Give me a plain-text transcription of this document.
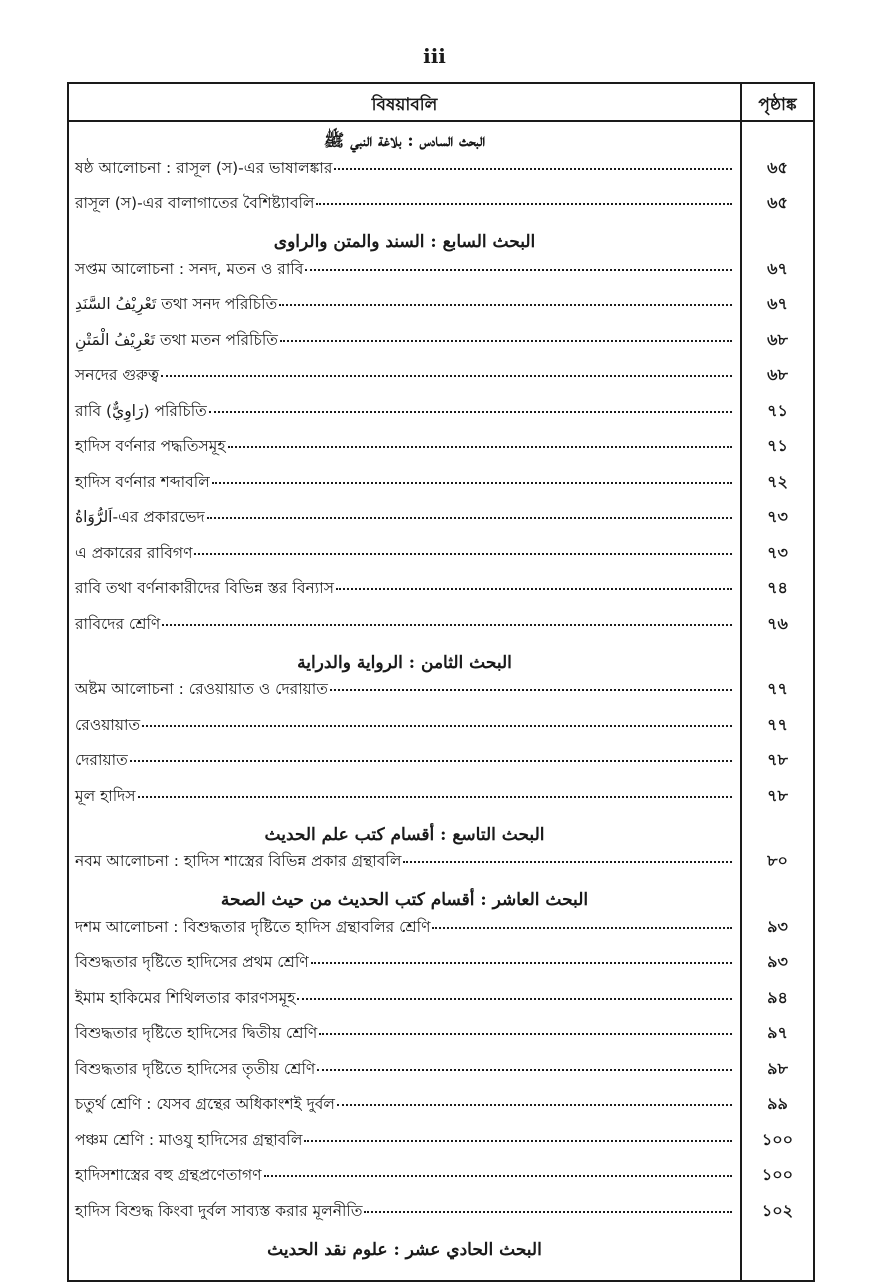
iii
বিষয়াবলি	পৃষ্ঠাঙ্ক
البحث السادس : بلاغة النبي ﷺ
ষষ্ঠ আলোচনা : রাসূল (স)-এর ভাষালঙ্কার	৬৫
রাসূল (স)-এর বালাগাতের বৈশিষ্ট্যাবলি	৬৫
البحث السابع : السند والمتن والراوى
সপ্তম আলোচনা : সনদ, মতন ও রাবি	৬৭
تَعْرِيْفُ السَّنَدِ তথা সনদ পরিচিতি	৬৭
تَعْرِيْفُ الْمَتْنِ তথা মতন পরিচিতি	৬৮
সনদের গুরুত্ব	৬৮
রাবি (رَاوِيٌّ) পরিচিতি	৭১
হাদিস বর্ণনার পদ্ধতিসমূহ	৭১
হাদিস বর্ণনার শব্দাবলি	৭২
اَلرُّوَاةُ-এর প্রকারভেদ	৭৩
এ প্রকারের রাবিগণ	৭৩
রাবি তথা বর্ণনাকারীদের বিভিন্ন স্তর বিন্যাস	৭৪
রাবিদের শ্রেণি	৭৬
البحث الثامن : الرواية والدراية
অষ্টম আলোচনা : রেওয়ায়াত ও দেরায়াত	৭৭
রেওয়ায়াত	৭৭
দেরায়াত	৭৮
মূল হাদিস	৭৮
البحث التاسع : أقسام كتب علم الحديث
নবম আলোচনা : হাদিস শাস্ত্রের বিভিন্ন প্রকার গ্রন্থাবলি	৮০
البحث العاشر : أقسام كتب الحديث من حيث الصحة
দশম আলোচনা : বিশুদ্ধতার দৃষ্টিতে হাদিস গ্রন্থাবলির শ্রেণি	৯৩
বিশুদ্ধতার দৃষ্টিতে হাদিসের প্রথম শ্রেণি	৯৩
ইমাম হাকিমের শিথিলতার কারণসমূহ	৯৪
বিশুদ্ধতার দৃষ্টিতে হাদিসের দ্বিতীয় শ্রেণি	৯৭
বিশুদ্ধতার দৃষ্টিতে হাদিসের তৃতীয় শ্রেণি	৯৮
চতুর্থ শ্রেণি : যেসব গ্রন্থের অধিকাংশই দুর্বল	৯৯
পঞ্চম শ্রেণি : মাওযু হাদিসের গ্রন্থাবলি	১০০
হাদিসশাস্ত্রের বহু গ্রন্থপ্রণেতাগণ	১০০
হাদিস বিশুদ্ধ কিংবা দুর্বল সাব্যস্ত করার মূলনীতি	১০২
البحث الحادي عشر : علوم نقد الحديث
